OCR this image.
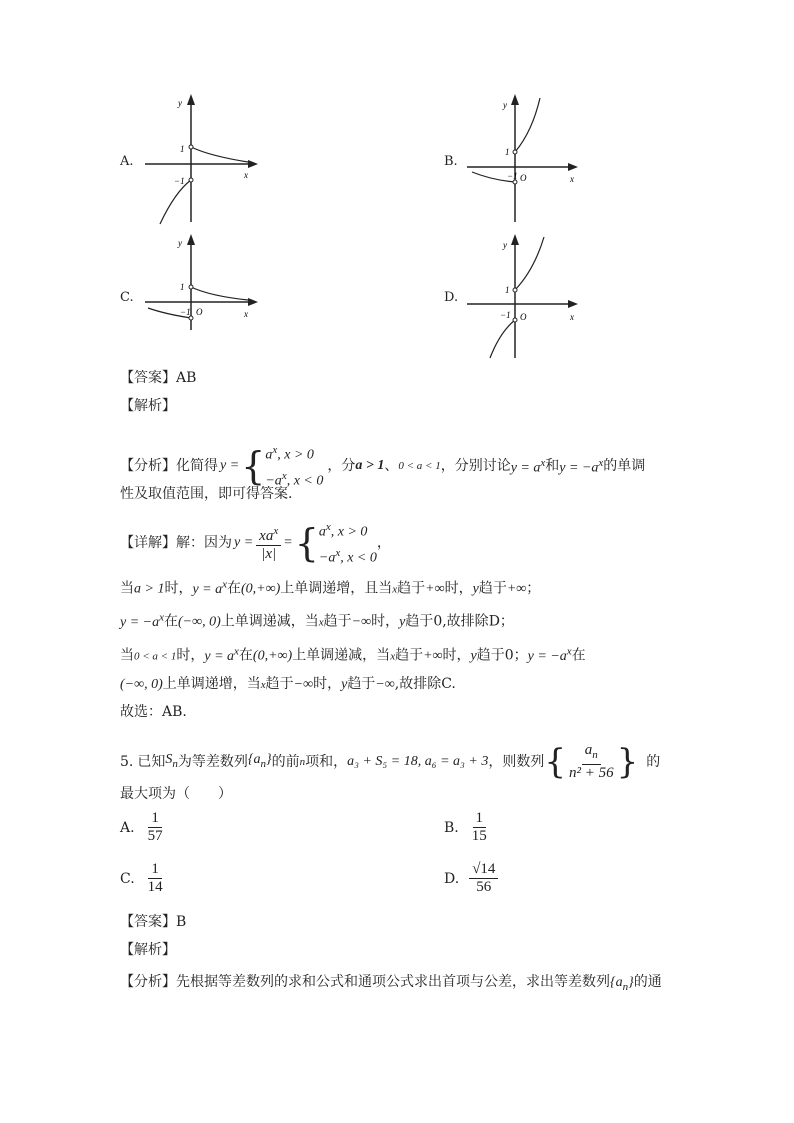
A.
1
−1
x
y
B.
1
−1 O	x
y
C.
1
−1 O	x
y
D.	1
−1 O	x
y
【答案】AB
【解析】
【分析】 化简得 y = { $a^x$, x > 0
$-a^x$, x < 0
，分 a > 1 、 0 < a < 1 ，分别讨论 $y = a^x$ 和 $y = -a^x$ 的单调
性及取值范围，即可得答案.
【详解】 解：因为 $y = \frac{xa^x}{|x|}$ = { $a^x$, x > 0
$-a^x$, x < 0
，
当a > 1时，$y = a^x$在(0,+∞)上单调递增，且当x趋于+∞时，y趋于+∞；
$y = -a^x$在(−∞, 0)上单调递减，当x趋于−∞时，y趋于0,故排除D；
当0 < a < 1时，$y = a^x$在(0,+∞)上单调递减，当x趋于+∞时，y趋于0；$y = -a^x$在
(−∞, 0)上单调递增，当x趋于−∞时，y趋于−∞,故排除C.
故选：AB.
5. 已知 $S_n$ 为等差数列 $\{a_n\}$ 的前 n 项和， a₃ + S₅ = 18, a₆ = a₃ + 3 ，则数列 { $\frac{a_n}{\text{n² + 56}}$ } 的
最大项为（　　）
A. $\frac{1}{57}$	B. $\frac{1}{15}$
C. $\frac{1}{14}$	D. $\frac{√14}{56}$
【答案】B
【解析】
【分析】先根据等差数列的求和公式和通项公式求出首项与公差，求出等差数列$\{a_n\}$的通
